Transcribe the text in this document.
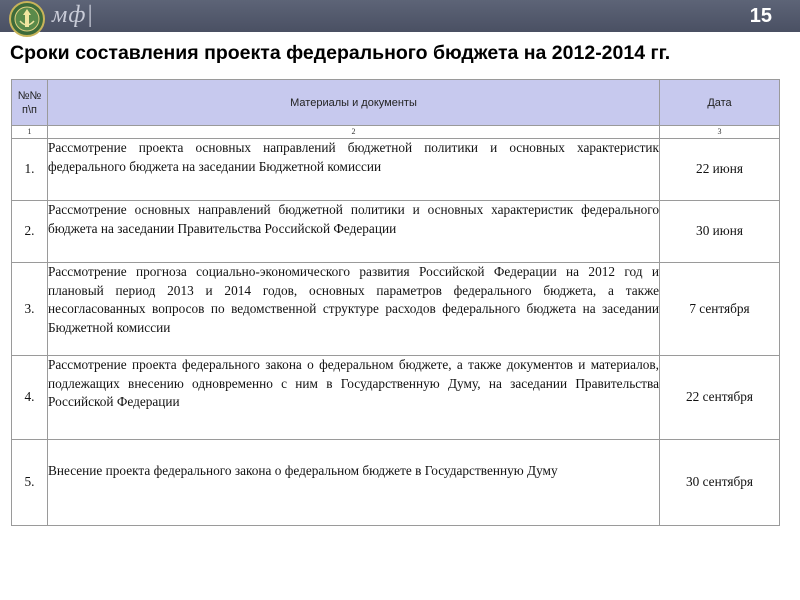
мф|	15
Сроки составления проекта федерального бюджета на 2012-2014 гг.
№№ п\п	Материалы и документы	Дата
1	2	3
1.	Рассмотрение проекта основных направлений бюджетной политики и основных характеристик федерального бюджета на заседании Бюджетной комиссии	22 июня
2.	Рассмотрение основных направлений бюджетной политики и основных характеристик федерального бюджета на заседании Правительства Российской Федерации	30 июня
3.	Рассмотрение прогноза социально-экономического развития Российской Федерации на 2012 год и плановый период 2013 и 2014 годов, основных параметров федерального бюджета, а также несогласованных вопросов по ведомственной структуре расходов федерального бюджета на заседании Бюджетной комиссии	7 сентября
4.	Рассмотрение проекта федерального закона о федеральном бюджете, а также документов и материалов, подлежащих внесению одновременно с ним в Государственную Думу, на заседании Правительства Российской Федерации	22 сентября
5.	Внесение проекта федерального закона о федеральном бюджете в Государственную Думу	30 сентября
